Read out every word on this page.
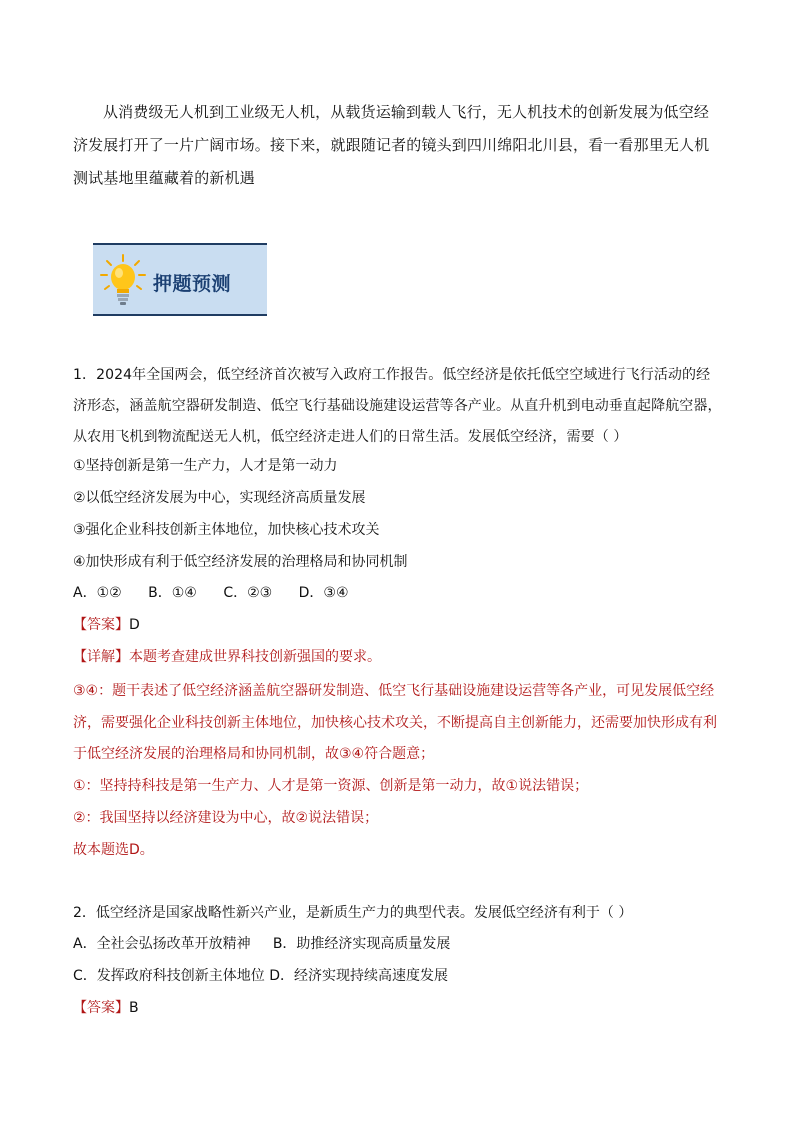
从消费级无人机到工业级无人机，从载货运输到载人飞行，无人机技术的创新发展为低空经济发展打开了一片广阔市场。接下来，就跟随记者的镜头到四川绵阳北川县，看一看那里无人机测试基地里蕴藏着的新机遇

押题预测

1．2024年全国两会，低空经济首次被写入政府工作报告。低空经济是依托低空空域进行飞行活动的经济形态，涵盖航空器研发制造、低空飞行基础设施建设运营等各产业。从直升机到电动垂直起降航空器，从农用飞机到物流配送无人机，低空经济走进人们的日常生活。发展低空经济，需要（ ）

①坚持创新是第一生产力，人才是第一动力

②以低空经济发展为中心，实现经济高质量发展

③强化企业科技创新主体地位，加快核心技术攻关

④加快形成有利于低空经济发展的治理格局和协同机制

A．①② B．①④ C．②③ D．③④

【答案】D

【详解】本题考查建成世界科技创新强国的要求。

③④：题干表述了低空经济涵盖航空器研发制造、低空飞行基础设施建设运营等各产业，可见发展低空经济，需要强化企业科技创新主体地位，加快核心技术攻关，不断提高自主创新能力，还需要加快形成有利于低空经济发展的治理格局和协同机制，故③④符合题意；

①：坚持持科技是第一生产力、人才是第一资源、创新是第一动力，故①说法错误；

②：我国坚持以经济建设为中心，故②说法错误；

故本题选D。

2．低空经济是国家战略性新兴产业，是新质生产力的典型代表。发展低空经济有利于（ ）

A．全社会弘扬改革开放精神     B．助推经济实现高质量发展

C．发挥政府科技创新主体地位 D．经济实现持续高速度发展

【答案】B
